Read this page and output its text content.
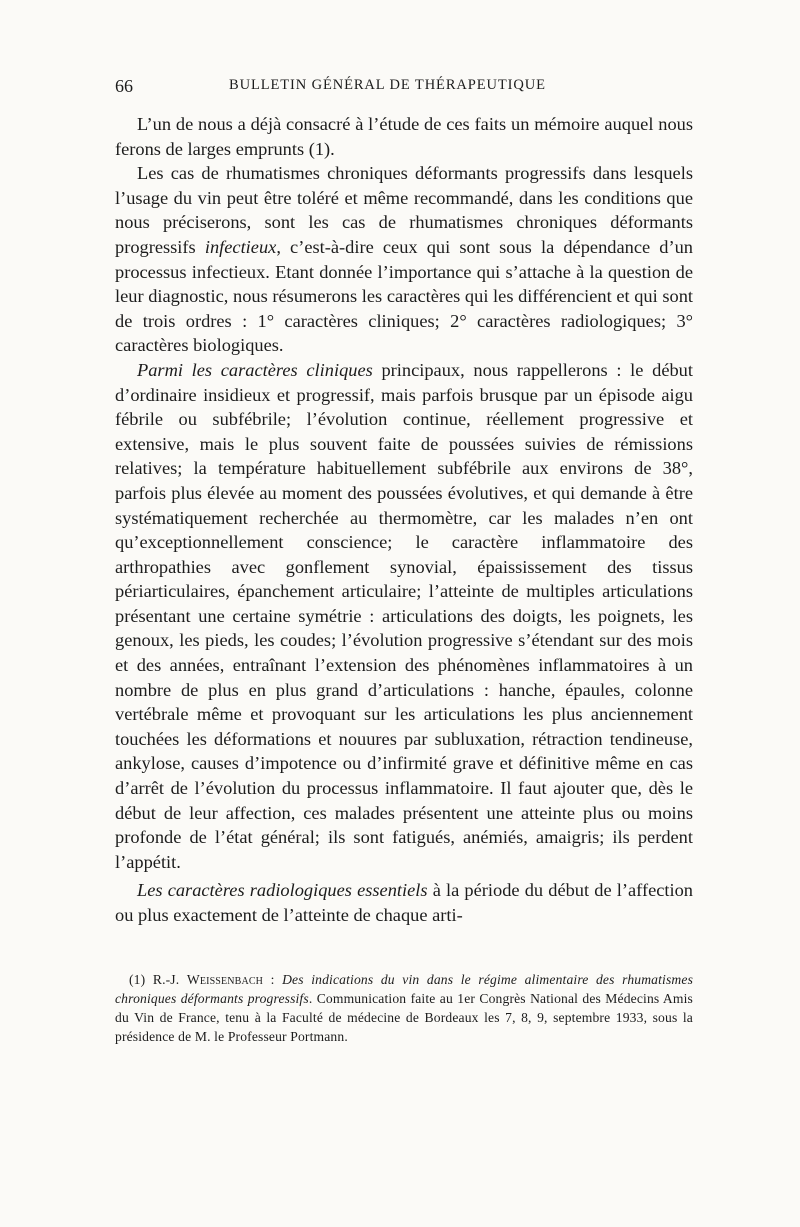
66	BULLETIN GÉNÉRAL DE THÉRAPEUTIQUE

L’un de nous a déjà consacré à l’étude de ces faits un mémoire auquel nous ferons de larges emprunts (1).

Les cas de rhumatismes chroniques déformants progressifs dans lesquels l’usage du vin peut être toléré et même recommandé, dans les conditions que nous préciserons, sont les cas de rhumatismes chroniques déformants progressifs infectieux, c’est-à-dire ceux qui sont sous la dépendance d’un processus infectieux. Etant donnée l’importance qui s’attache à la question de leur diagnostic, nous résumerons les caractères qui les différencient et qui sont de trois ordres : 1° caractères cliniques; 2° caractères radiologiques; 3° caractères biologiques.

Parmi les caractères cliniques principaux, nous rappellerons : le début d’ordinaire insidieux et progressif, mais parfois brusque par un épisode aigu fébrile ou subfébrile; l’évolution continue, réellement progressive et extensive, mais le plus souvent faite de poussées suivies de rémissions relatives; la température habituellement subfébrile aux environs de 38°, parfois plus élevée au moment des poussées évolutives, et qui demande à être systématiquement recherchée au thermomètre, car les malades n’en ont qu’exceptionnellement conscience; le caractère inflammatoire des arthropathies avec gonflement synovial, épaississement des tissus périarticulaires, épanchement articulaire; l’atteinte de multiples articulations présentant une certaine symétrie : articulations des doigts, les poignets, les genoux, les pieds, les coudes; l’évolution progressive s’étendant sur des mois et des années, entraînant l’extension des phénomènes inflammatoires à un nombre de plus en plus grand d’articulations : hanche, épaules, colonne vertébrale même et provoquant sur les articulations les plus anciennement touchées les déformations et nouures par subluxation, rétraction tendineuse, ankylose, causes d’impotence ou d’infirmité grave et définitive même en cas d’arrêt de l’évolution du processus inflammatoire. Il faut ajouter que, dès le début de leur affection, ces malades présentent une atteinte plus ou moins profonde de l’état général; ils sont fatigués, anémiés, amaigris; ils perdent l’appétit.

Les caractères radiologiques essentiels à la période du début de l’affection ou plus exactement de l’atteinte de chaque arti-

(1) R.-J. Weissenbach : Des indications du vin dans le régime alimentaire des rhumatismes chroniques déformants progressifs. Communication faite au 1er Congrès National des Médecins Amis du Vin de France, tenu à la Faculté de médecine de Bordeaux les 7, 8, 9, septembre 1933, sous la présidence de M. le Professeur Portmann.
